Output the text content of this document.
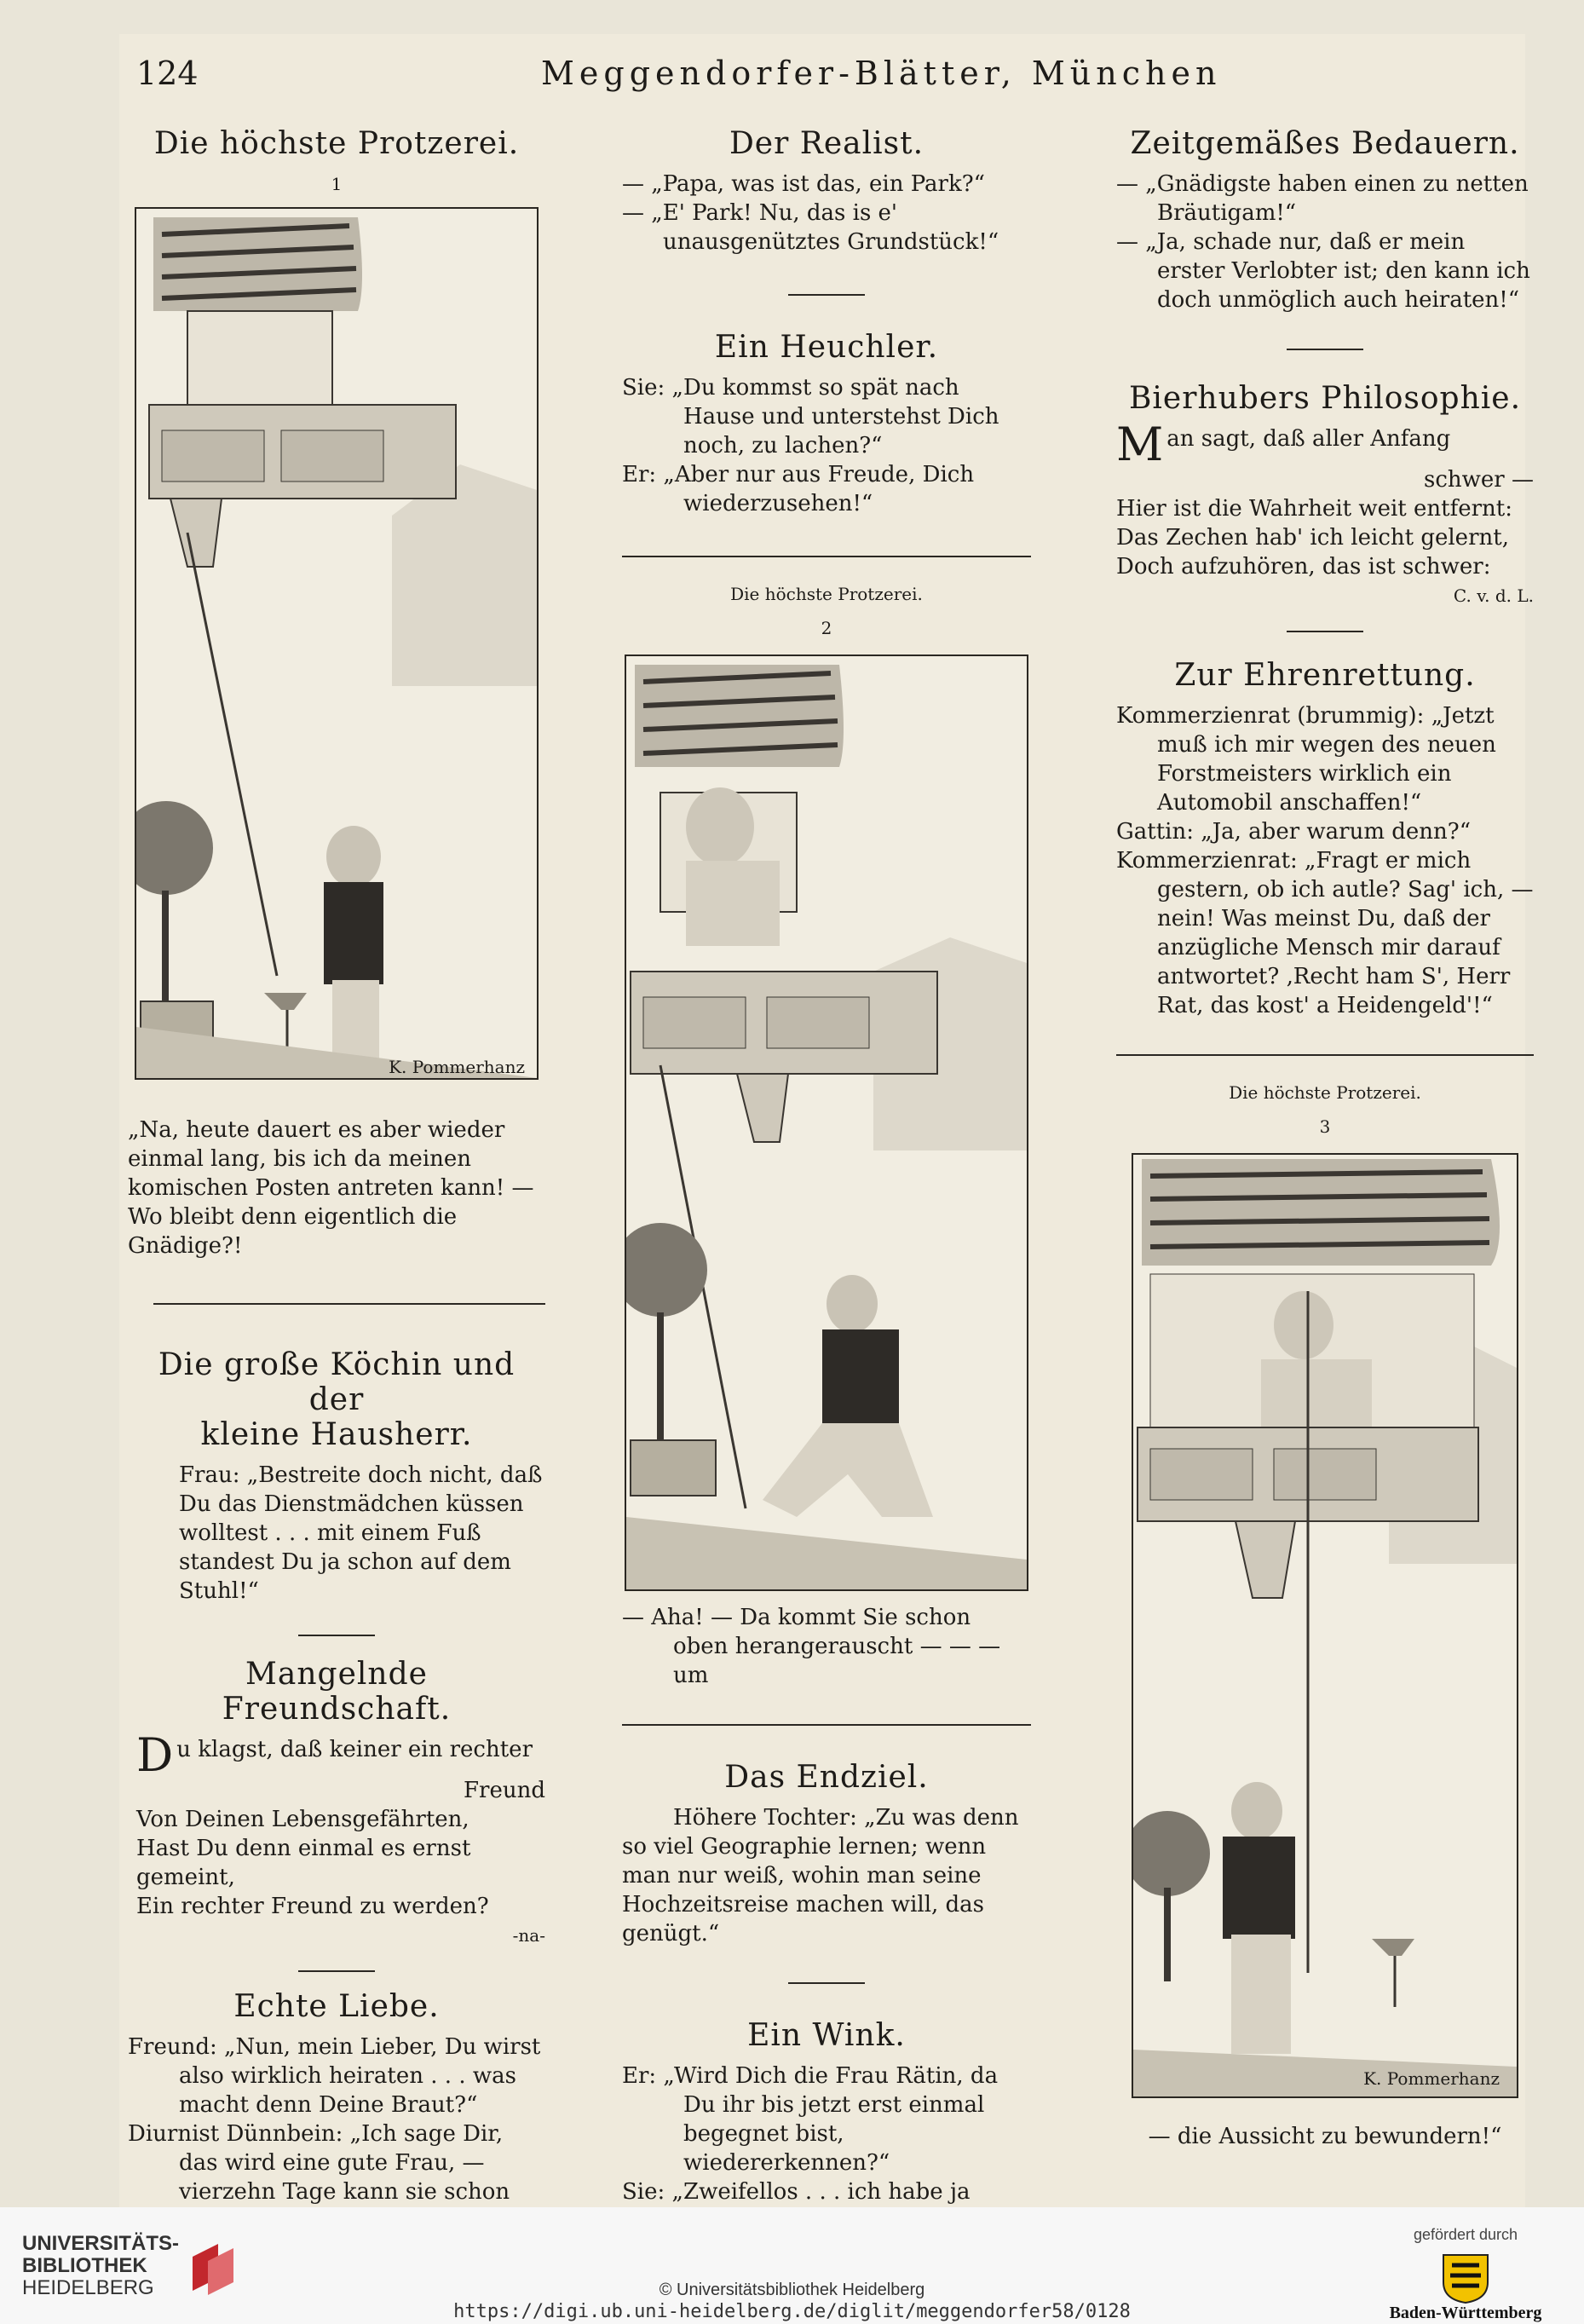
124	Meggendorfer-Blätter, München
Die höchste Protzerei.

1

K. Pommerhanz

„Na, heute dauert es aber wieder einmal lang, bis ich da meinen komischen Posten antreten kann! — Wo bleibt denn eigentlich die Gnädige?!

Die große Köchin und der
kleine Hausherr.

Frau: „Bestreite doch nicht, daß Du das Dienstmädchen küssen wolltest . . . mit einem Fuß standest Du ja schon auf dem Stuhl!“

Mangelnde Freundschaft.

Du klagst, daß keiner ein rechter

Freund

Von Deinen Lebensgefährten,

Hast Du denn einmal es ernst gemeint,

Ein rechter Freund zu werden?

-na-

Echte Liebe.

Freund: „Nun, mein Lieber, Du wirst also wirklich heiraten . . . was macht denn Deine Braut?“

Diurnist Dünnbein: „Ich sage Dir, das wird eine gute Frau, — vierzehn Tage kann sie schon

Der Realist.

— „Papa, was ist das, ein Park?“

— „E' Park! Nu, das is e' unausgenütztes Grundstück!“

Ein Heuchler.

Sie: „Du kommst so spät nach Hause und unterstehst Dich noch, zu lachen?“

Er: „Aber nur aus Freude, Dich wiederzusehen!“

Die höchste Protzerei.

2

— Aha! — Da kommt Sie schon oben herangerauscht — — — um

Das Endziel.

Höhere Tochter: „Zu was denn so viel Geographie lernen; wenn man nur weiß, wohin man seine Hochzeitsreise machen will, das genügt.“

Ein Wink.

Er: „Wird Dich die Frau Rätin, da Du ihr bis jetzt erst einmal begegnet bist, wiedererkennen?“

Sie: „Zweifellos . . . ich habe ja

Zeitgemäßes Bedauern.

— „Gnädigste haben einen zu netten Bräutigam!“

— „Ja, schade nur, daß er mein erster Verlobter ist; den kann ich doch unmöglich auch heiraten!“

Bierhubers Philosophie.

Man sagt, daß aller Anfang

schwer —

Hier ist die Wahrheit weit entfernt:

Das Zechen hab' ich leicht gelernt,

Doch aufzuhören, das ist schwer:

C. v. d. L.

Zur Ehrenrettung.

Kommerzienrat (brummig): „Jetzt muß ich mir wegen des neuen Forstmeisters wirklich ein Automobil anschaffen!“

Gattin: „Ja, aber warum denn?“

Kommerzienrat: „Fragt er mich gestern, ob ich autle? Sag' ich, — nein! Was meinst Du, daß der anzügliche Mensch mir darauf antwortet? ‚Recht ham S', Herr Rat, das kost' a Heidengeld'!“

Die höchste Protzerei.

3

K. Pommerhanz

— die Aussicht zu bewundern!“

UNIVERSITÄTS-
BIBLIOTHEK
HEIDELBERG	© Universitätsbibliothek Heidelberg
https://digi.ub.uni-heidelberg.de/diglit/meggendorfer58/0128
gefördert durch
Baden-Württemberg
